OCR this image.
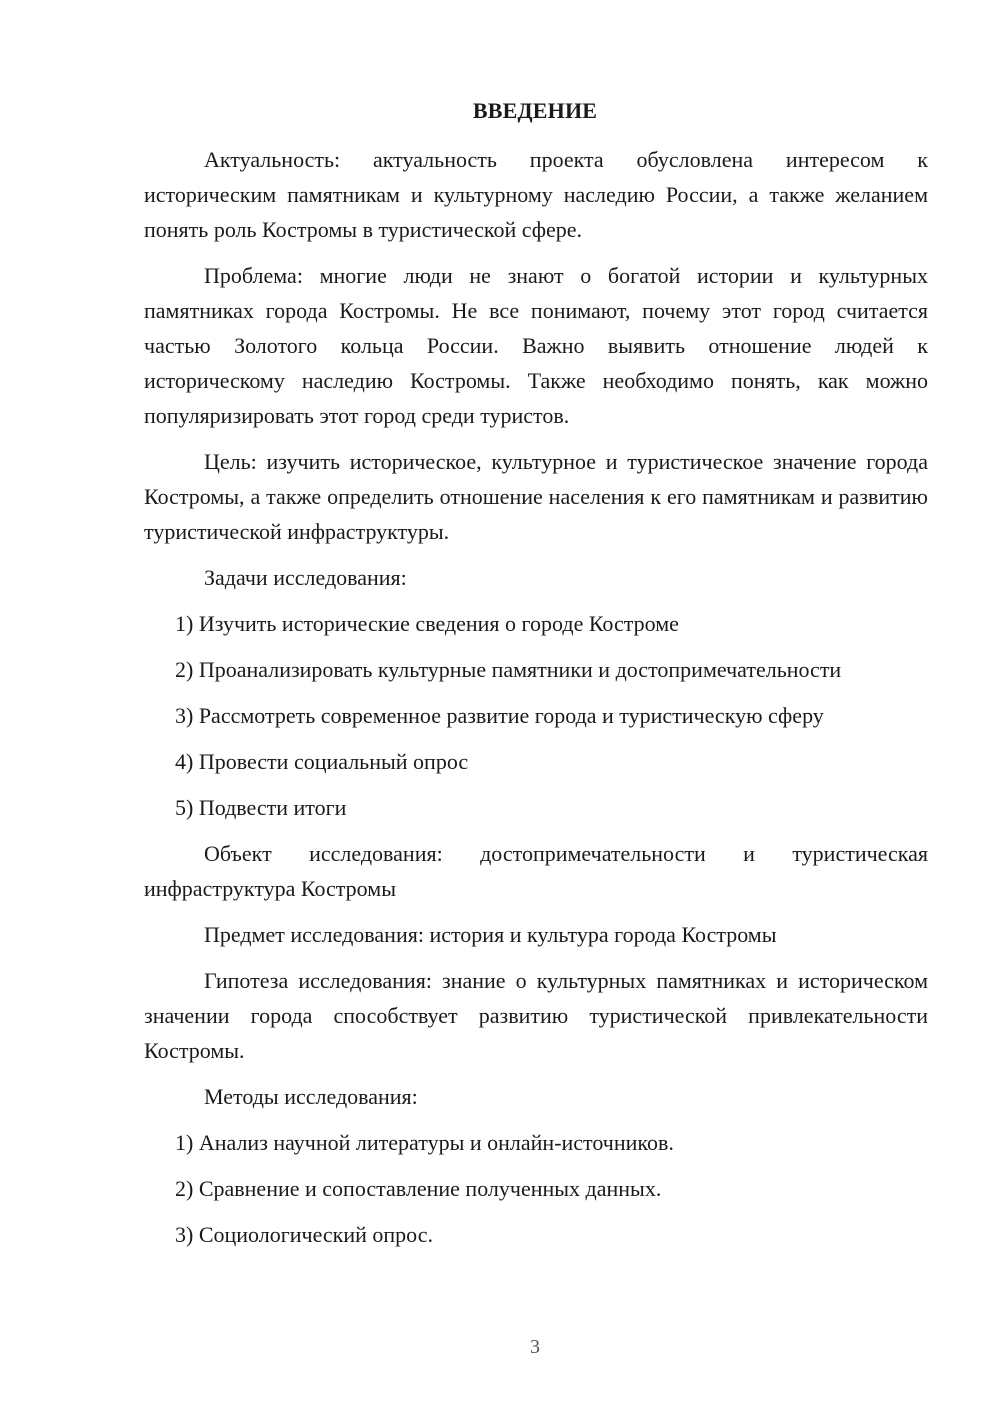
ВВЕДЕНИЕ

Актуальность: актуальность проекта обусловлена интересом к историческим памятникам и культурному наследию России, а также желанием понять роль Костромы в туристической сфере.

Проблема: многие люди не знают о богатой истории и культурных памятниках города Костромы. Не все понимают, почему этот город считается частью Золотого кольца России. Важно выявить отношение людей к историческому наследию Костромы. Также необходимо понять, как можно популяризировать этот город среди туристов.

Цель: изучить историческое, культурное и туристическое значение города Костромы, а также определить отношение населения к его памятникам и развитию туристической инфраструктуры.

Задачи исследования:

1) Изучить исторические сведения о городе Костроме

2) Проанализировать культурные памятники и достопримечательности

3) Рассмотреть современное развитие города и туристическую сферу

4) Провести социальный опрос

5) Подвести итоги

Объект исследования: достопримечательности и туристическая инфраструктура Костромы

Предмет исследования: история и культура города Костромы

Гипотеза исследования: знание о культурных памятниках и историческом значении города способствует развитию туристической привлекательности Костромы.

Методы исследования:

1) Анализ научной литературы и онлайн-источников.

2) Сравнение и сопоставление полученных данных.

3) Социологический опрос.

3
